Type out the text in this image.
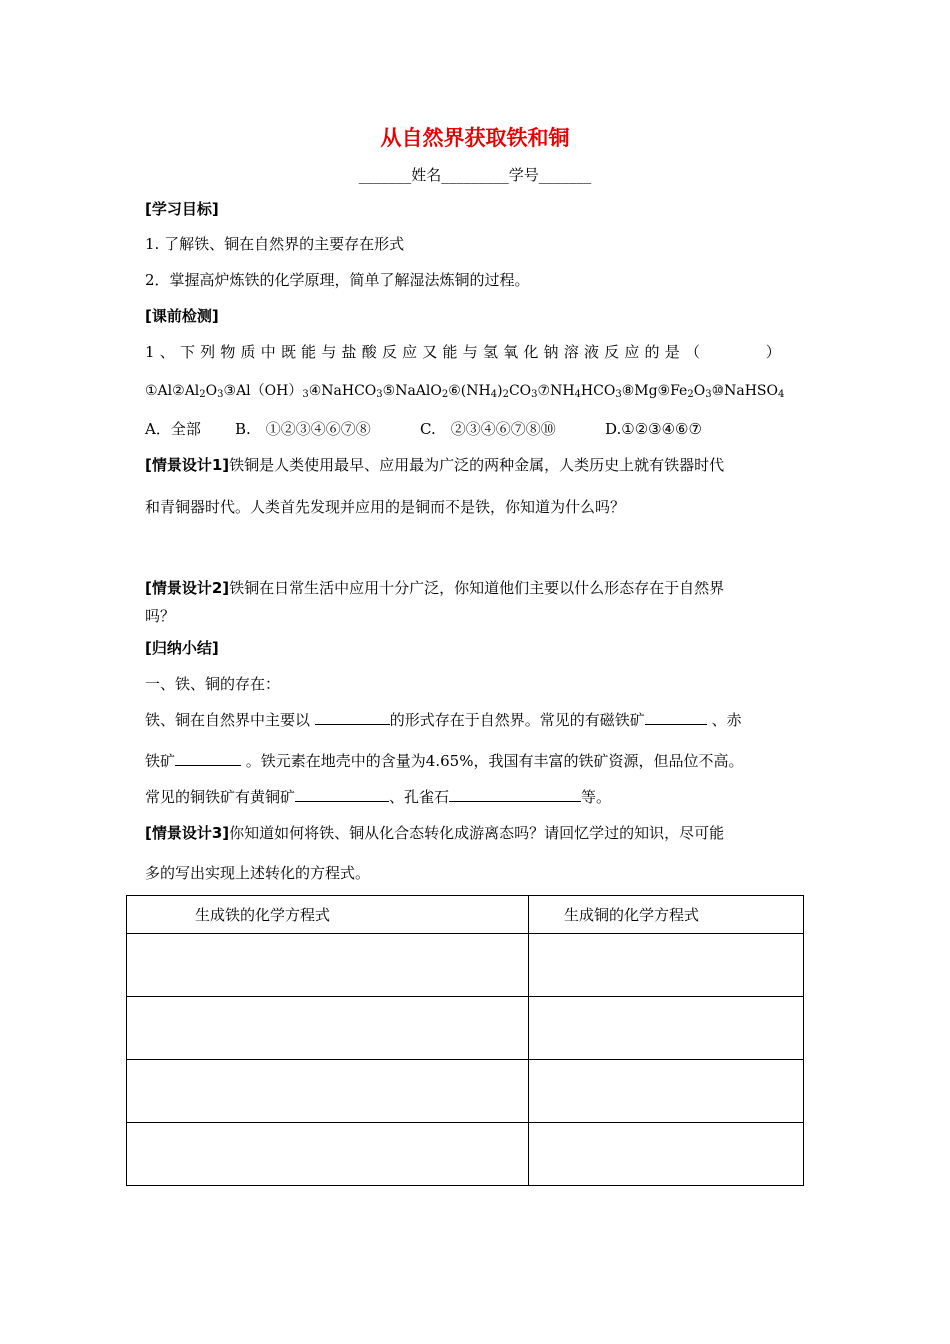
从自然界获取铁和铜
_______姓名_________学号_______
[学习目标]
1. 了解铁、铜在自然界的主要存在形式
2．掌握高炉炼铁的化学原理，简单了解湿法炼铜的过程。
[课前检测]
1、下列物质中既能与盐酸反应又能与氢氧化钠溶液反应的是（　　　）
$①Al②Al_2O_3③Al(OH)_3④NaHCO_3⑤NaAlO_2⑥(NH_4)_2CO_3⑦NH_4HCO_3⑧Mg⑨Fe_2O_3⑩NaHSO_4$
A．全部 B.　①②③④⑥⑦⑧	C.　②③④⑥⑦⑧⑩	D.①②③④⑥⑦
[情景设计1]铁铜是人类使用最早、应用最为广泛的两种金属，人类历史上就有铁器时代
和青铜器时代。人类首先发现并应用的是铜而不是铁，你知道为什么吗？
[情景设计2]铁铜在日常生活中应用十分广泛，你知道他们主要以什么形态存在于自然界
吗？
[归纳小结]
一、铁、铜的存在：
铁、铜在自然界中主要以	的形式存在于自然界。常见的有磁铁矿	、赤
铁矿	。铁元素在地壳中的含量为4.65%，我国有丰富的铁矿资源，但品位不高。
常见的铜铁矿有黄铜矿	、孔雀石	等。
[情景设计3]你知道如何将铁、铜从化合态转化成游离态吗？请回忆学过的知识，尽可能
多的写出实现上述转化的方程式。
生成铁的化学方程式	生成铜的化学方程式
